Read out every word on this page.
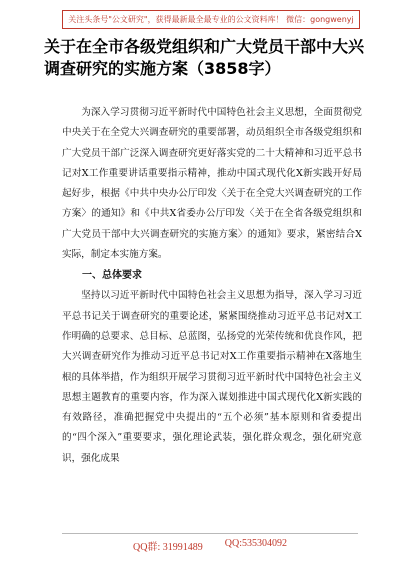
关注头条号"公文研究"，获得最新最全最专业的公文资料库！ 微信：gongwenyj
关于在全市各级党组织和广大党员干部中大兴调查研究的实施方案（3858字）

为深入学习贯彻习近平新时代中国特色社会主义思想，全面贯彻党中央关于在全党大兴调查研究的重要部署，动员组织全市各级党组织和广大党员干部广泛深入调查研究更好落实党的二十大精神和习近平总书记对X工作重要讲话重要指示精神，推动中国式现代化X新实践开好局起好步，根据《中共中央办公厅印发〈关于在全党大兴调查研究的工作方案〉的通知》和《中共X省委办公厅印发〈关于在全省各级党组织和广大党员干部中大兴调查研究的实施方案〉的通知》要求，紧密结合X实际，制定本实施方案。

一、总体要求

坚持以习近平新时代中国特色社会主义思想为指导，深入学习习近平总书记关于调查研究的重要论述，紧紧围绕推动习近平总书记对X工作明确的总要求、总目标、总蓝图，弘扬党的光荣传统和优良作风，把大兴调查研究作为推动习近平总书记对X工作重要指示精神在X落地生根的具体举措，作为组织开展学习贯彻习近平新时代中国特色社会主义思想主题教育的重要内容，作为深入谋划推进中国式现代化X新实践的有效路径，准确把握党中央提出的“五个必须”基本原则和省委提出的“四个深入”重要要求，强化理论武装，强化群众观念，强化研究意识，强化成果

QQ群: 31991489 QQ:535304092
